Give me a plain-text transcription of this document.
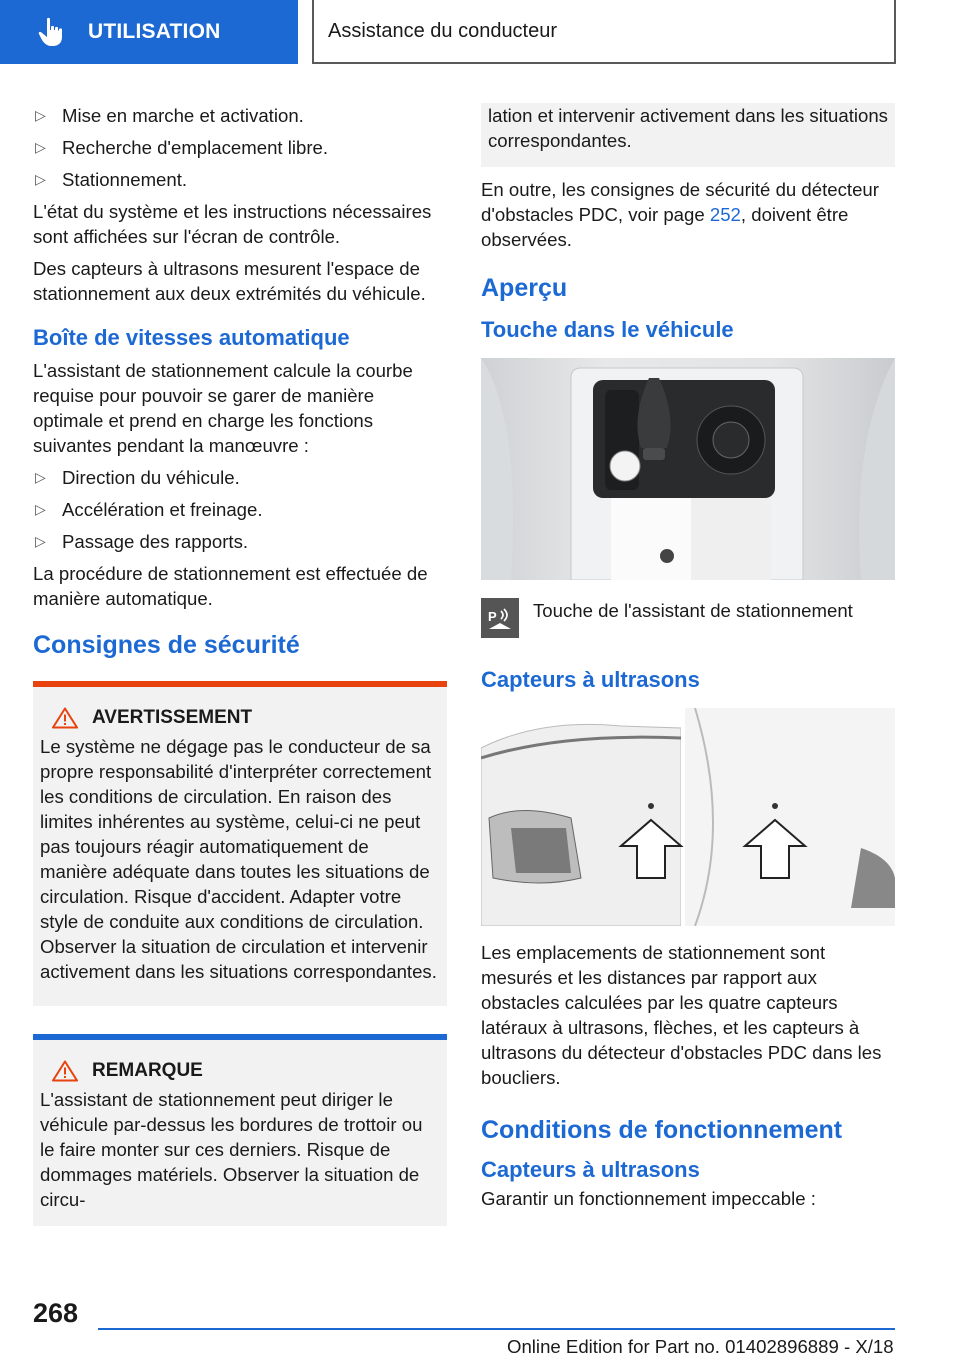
UTILISATION	Assistance du conducteur
▷ Mise en marche et activation.
▷ Recherche d'emplacement libre.
▷ Stationnement.

L'état du système et les instructions nécessaires sont affichées sur l'écran de contrôle.

Des capteurs à ultrasons mesurent l'espace de stationnement aux deux extrémités du véhicule.

Boîte de vitesses automatique

L'assistant de stationnement calcule la courbe requise pour pouvoir se garer de manière optimale et prend en charge les fonctions suivantes pendant la manœuvre :

▷ Direction du véhicule.
▷ Accélération et freinage.
▷ Passage des rapports.

La procédure de stationnement est effectuée de manière automatique.

Consignes de sécurité
AVERTISSEMENT

Le système ne dégage pas le conducteur de sa propre responsabilité d'interpréter correctement les conditions de circulation. En raison des limites inhérentes au système, celui-ci ne peut pas toujours réagir automatiquement de manière adéquate dans toutes les situations de circulation. Risque d'accident. Adapter votre style de conduite aux conditions de circulation. Observer la situation de circulation et intervenir activement dans les situations correspondantes.

REMARQUE

L'assistant de stationnement peut diriger le véhicule par-dessus les bordures de trottoir ou le faire monter sur ces derniers. Risque de dommages matériels. Observer la situation de circu-

lation et intervenir activement dans les situations correspondantes.

En outre, les consignes de sécurité du détecteur d'obstacles PDC, voir page 252, doivent être observées.

Aperçu
Touche dans le véhicule
P Touche de l'assistant de stationnement
Capteurs à ultrasons

Les emplacements de stationnement sont mesurés et les distances par rapport aux obstacles calculées par les quatre capteurs latéraux à ultrasons, flèches, et les capteurs à ultrasons du détecteur d'obstacles PDC dans les boucliers.

Conditions de fonctionnement
Capteurs à ultrasons

Garantir un fonctionnement impeccable :

268
Online Edition for Part no. 01402896889 - X/18
